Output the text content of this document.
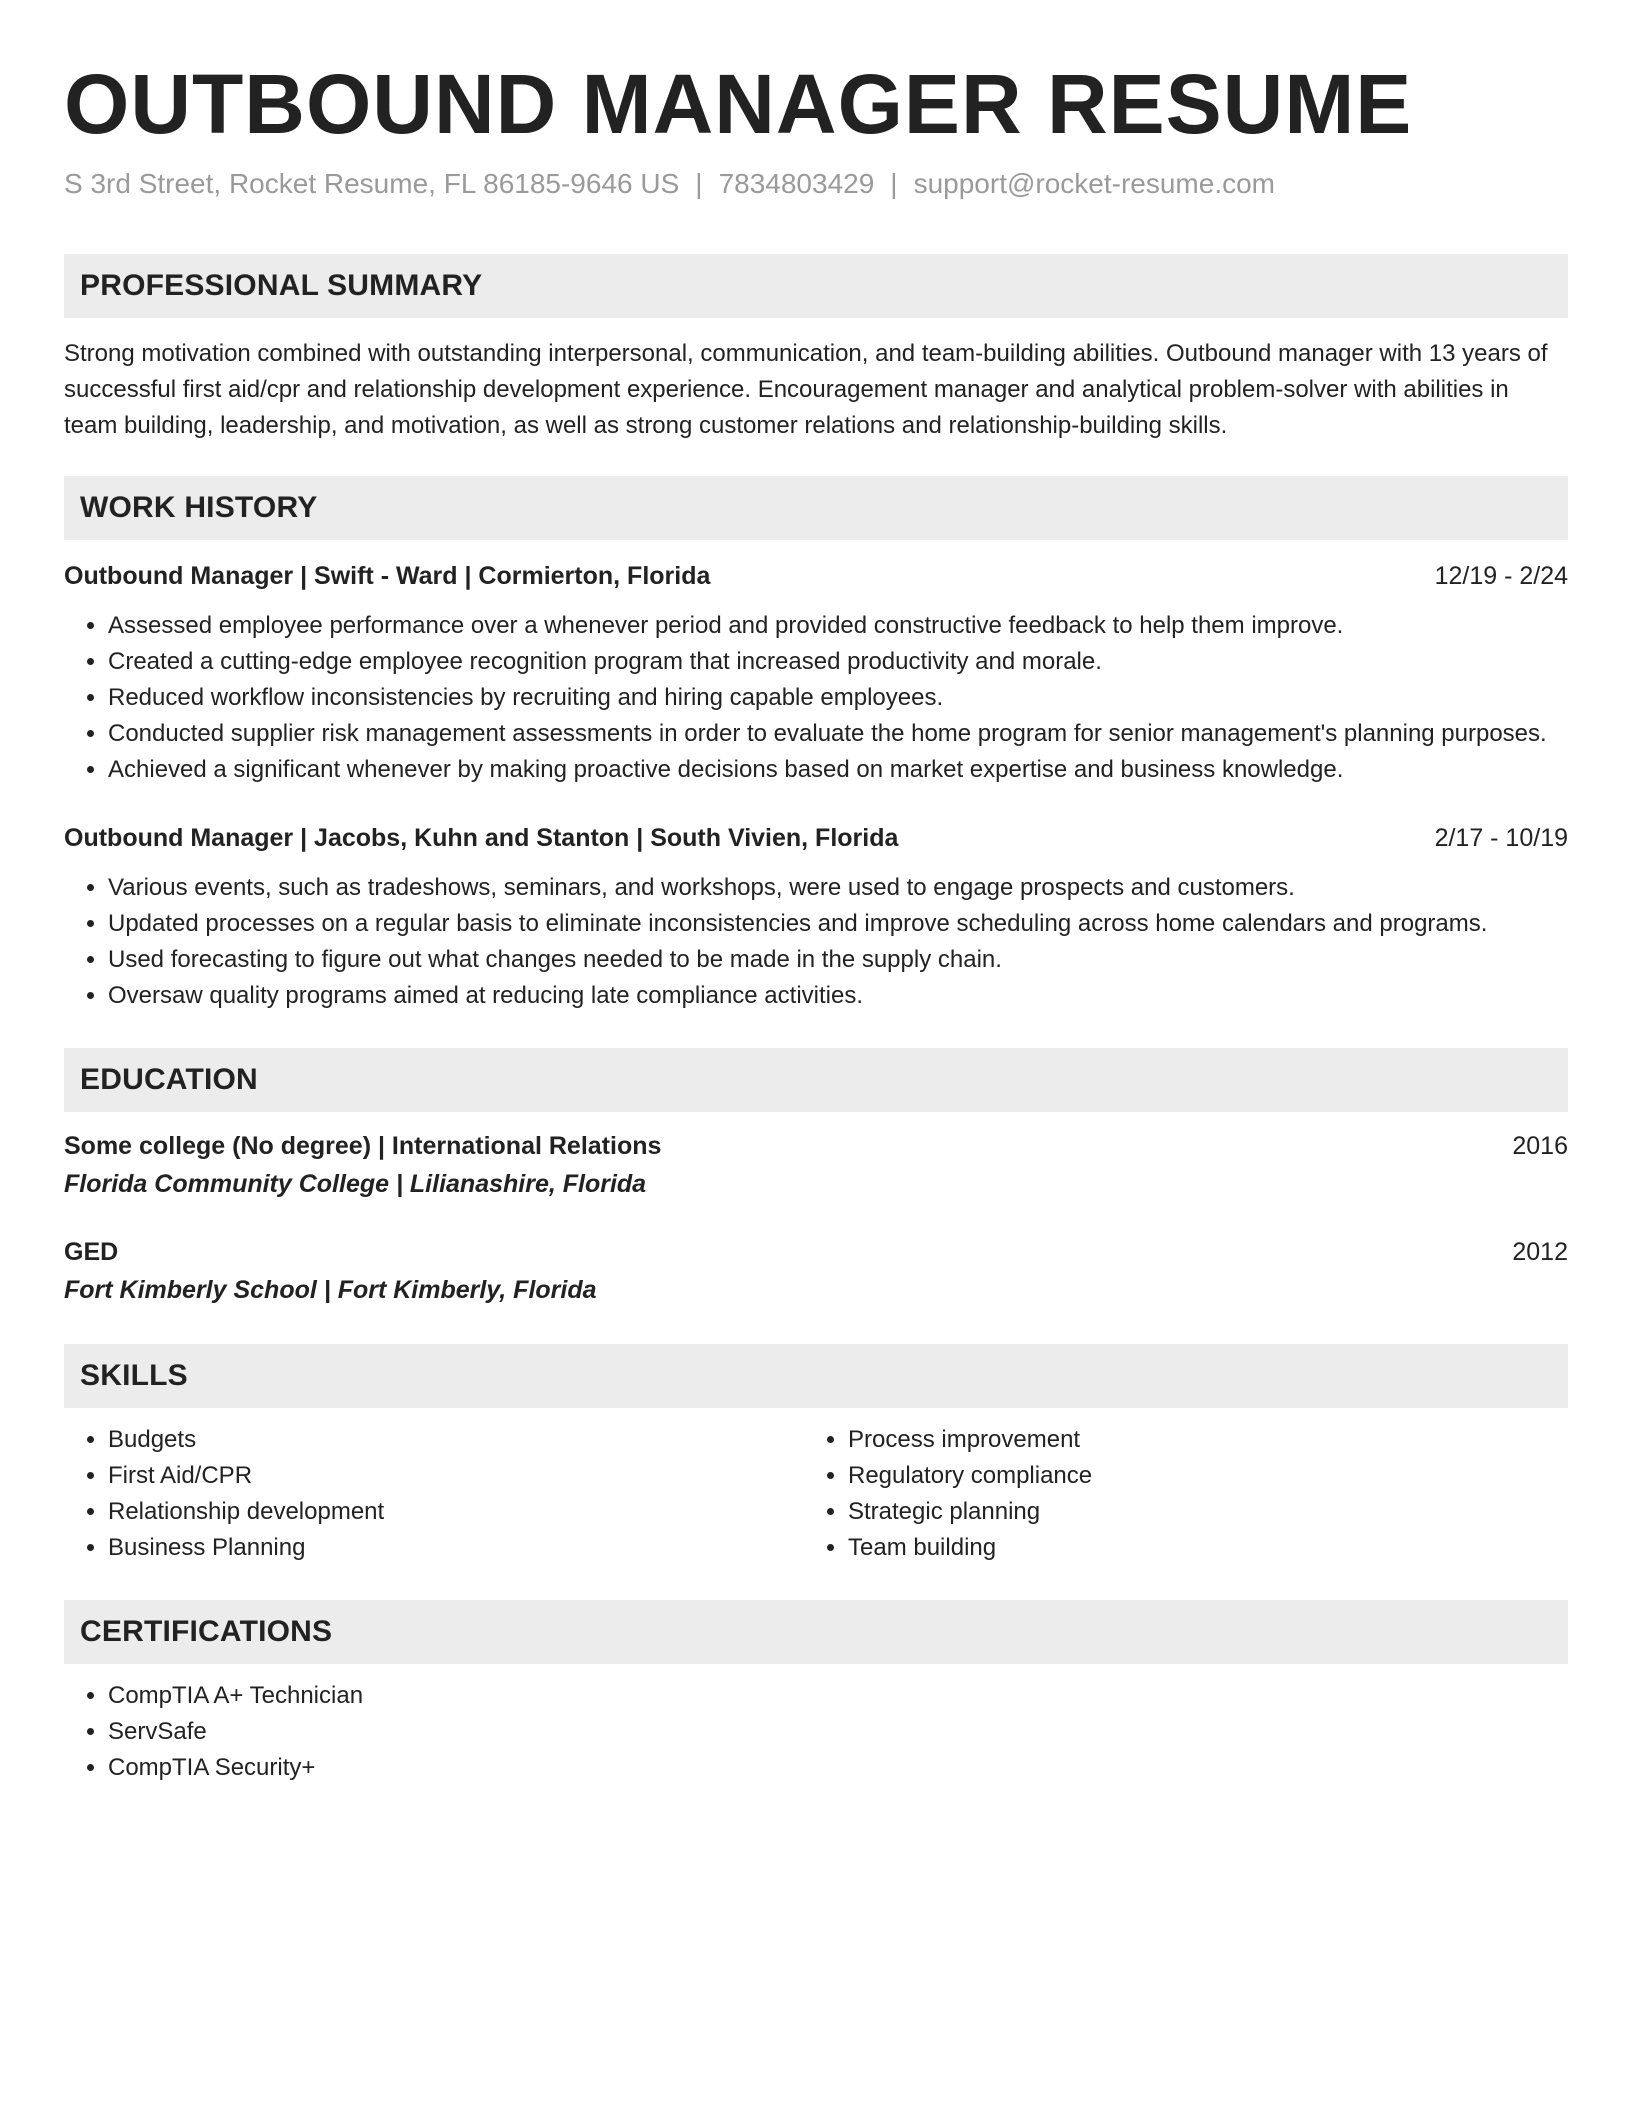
OUTBOUND MANAGER RESUME
S 3rd Street, Rocket Resume, FL 86185-9646 US | 7834803429 | support@rocket-resume.com
PROFESSIONAL SUMMARY
Strong motivation combined with outstanding interpersonal, communication, and team-building abilities. Outbound manager with 13 years of successful first aid/cpr and relationship development experience. Encouragement manager and analytical problem-solver with abilities in team building, leadership, and motivation, as well as strong customer relations and relationship-building skills.
WORK HISTORY
Outbound Manager | Swift - Ward | Cormierton, Florida	12/19 - 2/24
• Assessed employee performance over a whenever period and provided constructive feedback to help them improve.
• Created a cutting-edge employee recognition program that increased productivity and morale.
• Reduced workflow inconsistencies by recruiting and hiring capable employees.
• Conducted supplier risk management assessments in order to evaluate the home program for senior management's planning purposes.
• Achieved a significant whenever by making proactive decisions based on market expertise and business knowledge.
Outbound Manager | Jacobs, Kuhn and Stanton | South Vivien, Florida	2/17 - 10/19
• Various events, such as tradeshows, seminars, and workshops, were used to engage prospects and customers.
• Updated processes on a regular basis to eliminate inconsistencies and improve scheduling across home calendars and programs.
• Used forecasting to figure out what changes needed to be made in the supply chain.
• Oversaw quality programs aimed at reducing late compliance activities.
EDUCATION
Some college (No degree) | International Relations	2016
Florida Community College | Lilianashire, Florida
GED	2012
Fort Kimberly School | Fort Kimberly, Florida
SKILLS
• Budgets
• First Aid/CPR
• Relationship development
• Business Planning
• Process improvement
• Regulatory compliance
• Strategic planning
• Team building
CERTIFICATIONS
• CompTIA A+ Technician
• ServSafe
• CompTIA Security+
